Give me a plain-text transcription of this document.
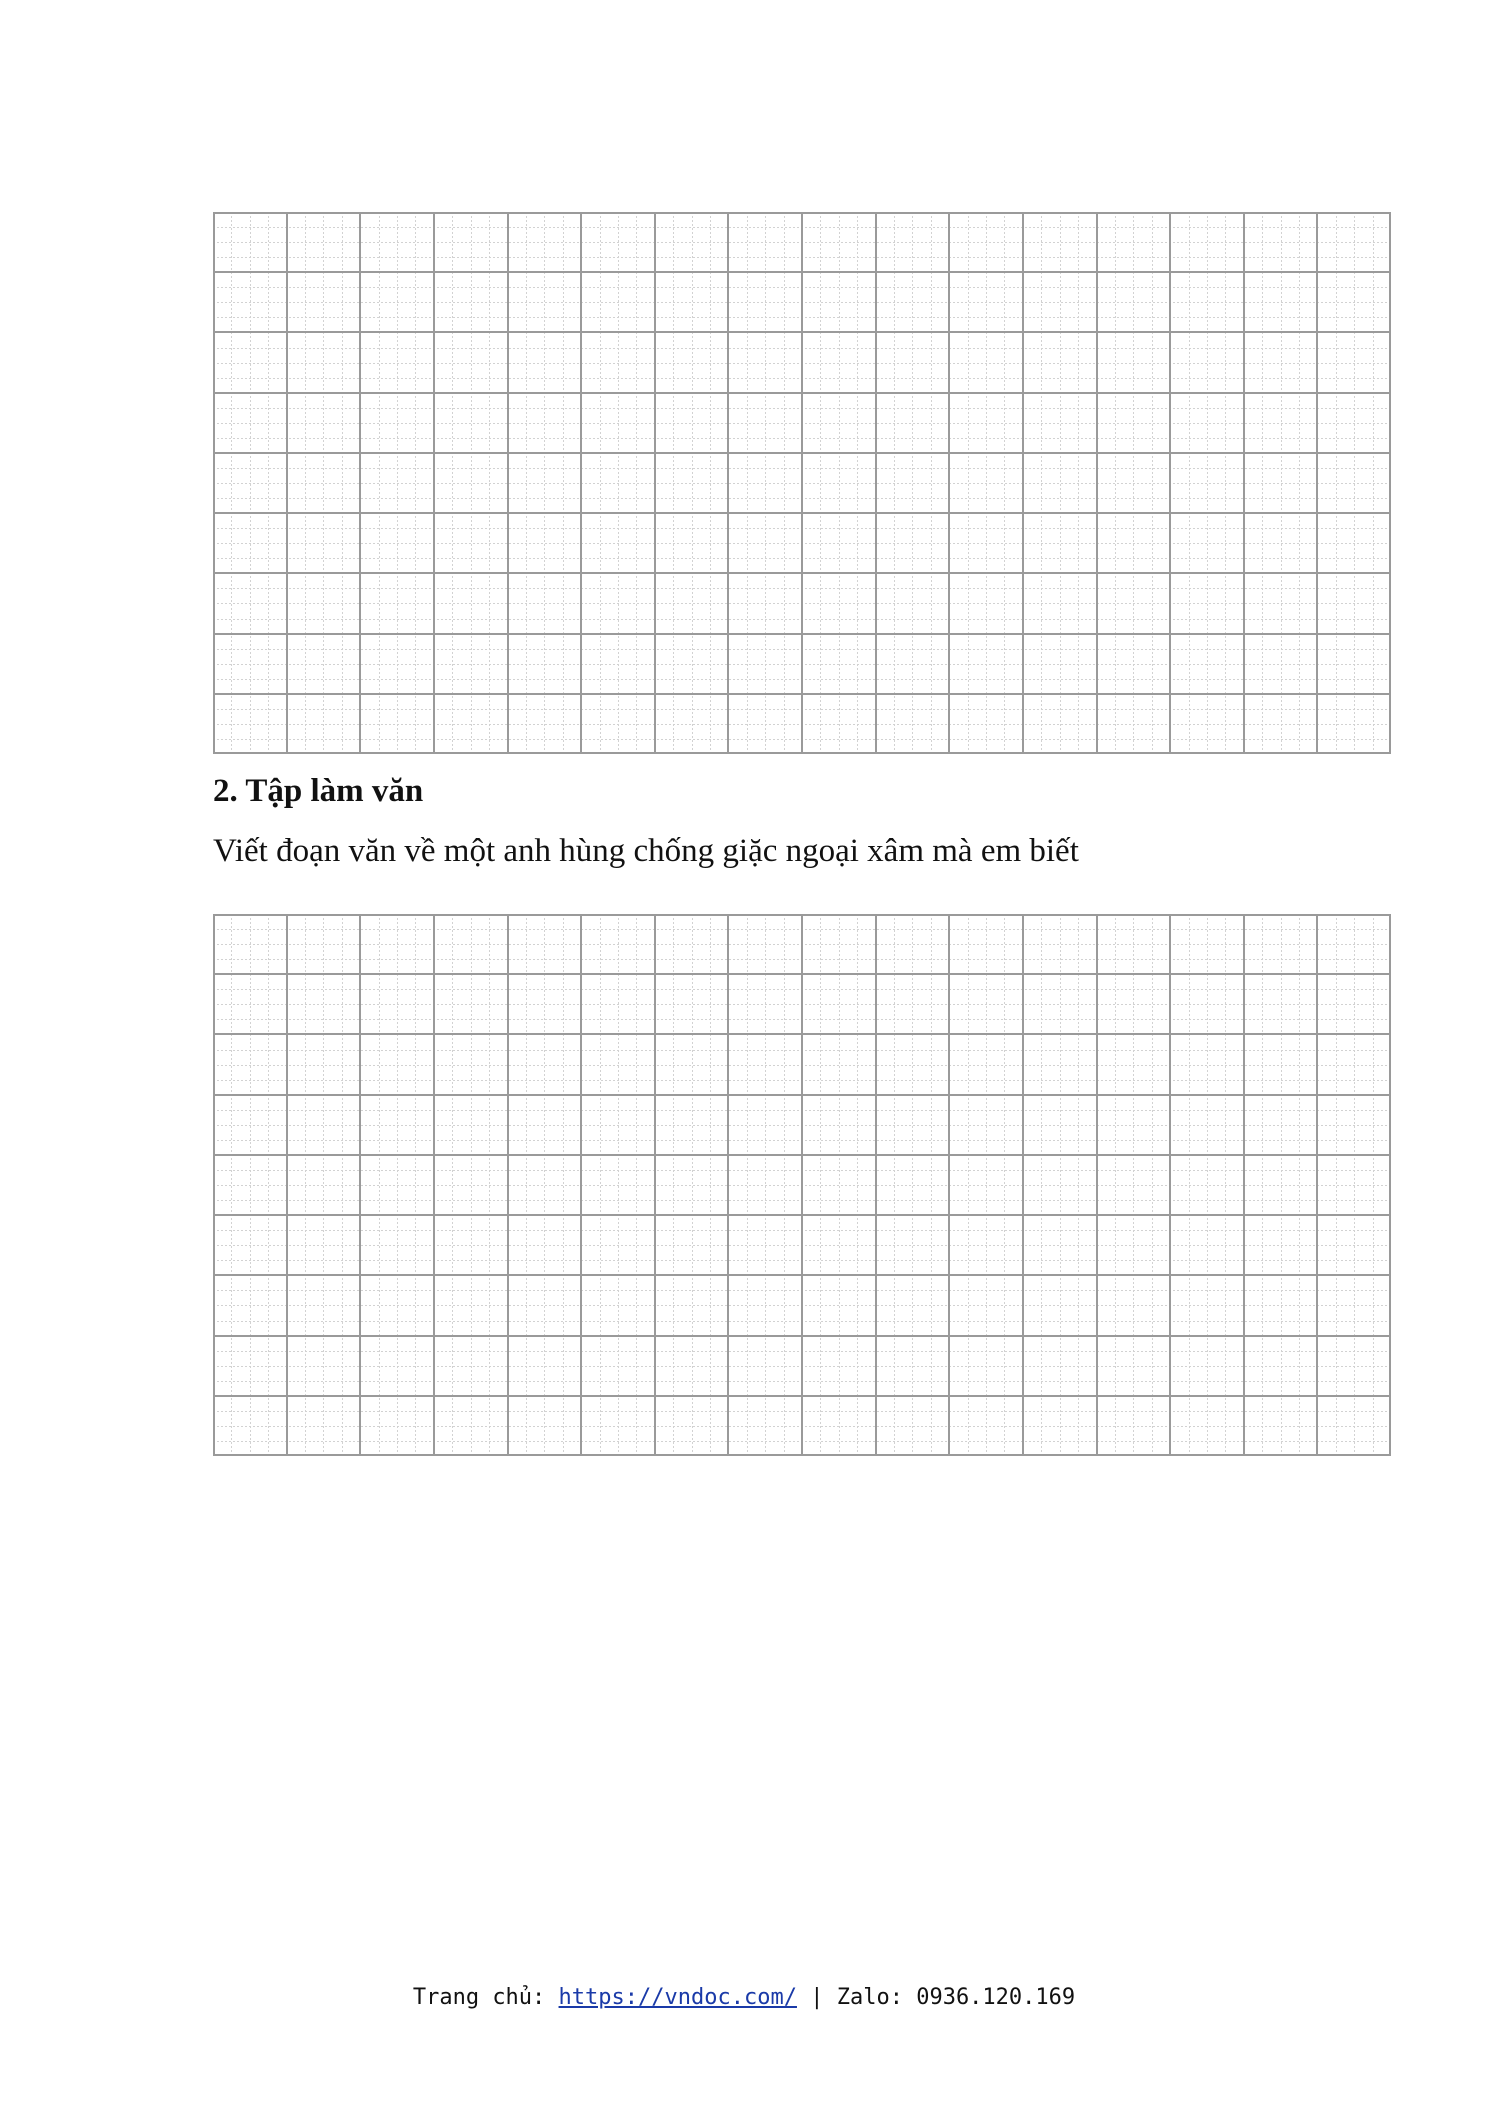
2. Tập làm văn

Viết đoạn văn về một anh hùng chống giặc ngoại xâm mà em biết

Trang chủ: https://vndoc.com/ | Zalo: 0936.120.169
